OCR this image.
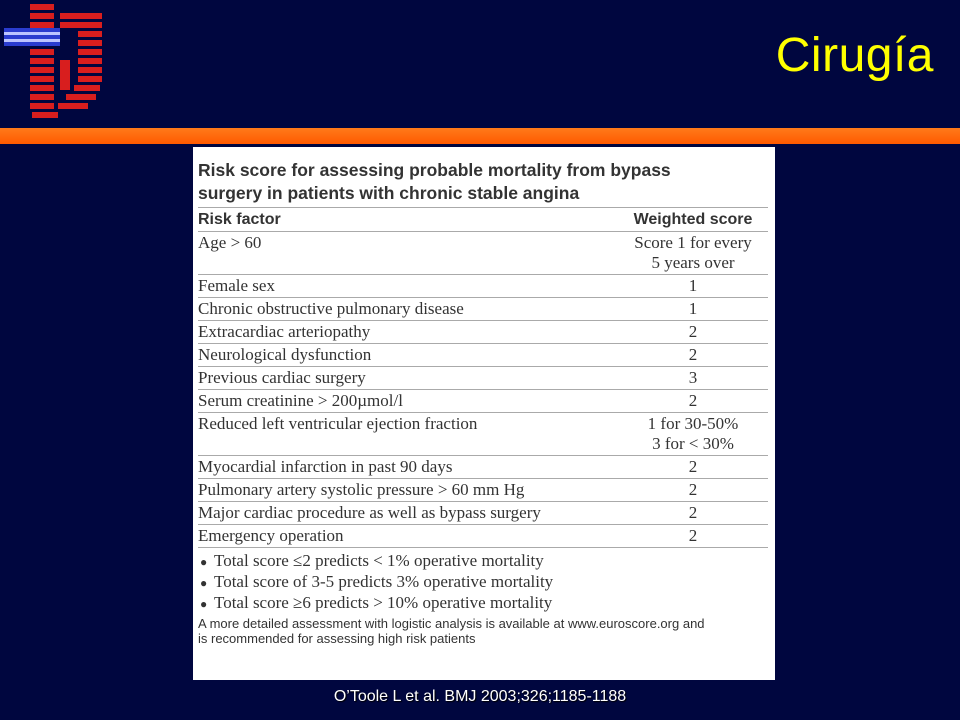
Cirugía
Risk score for assessing probable mortality from bypass
surgery in patients with chronic stable angina
Risk factor	Weighted score
Age > 60	Score 1 for every
5 years over

Female sex	1

Chronic obstructive pulmonary disease	1

Extracardiac arteriopathy	2

Neurological dysfunction	2

Previous cardiac surgery	3

Serum creatinine > 200µmol/l	2

Reduced left ventricular ejection fraction	1 for 30-50%
3 for < 30%

Myocardial infarction in past 90 days	2

Pulmonary artery systolic pressure > 60 mm Hg	2

Major cardiac procedure as well as bypass surgery	2

Emergency operation	2
● Total score ≤2 predicts < 1% operative mortality
● Total score of 3-5 predicts 3% operative mortality
● Total score ≥6 predicts > 10% operative mortality
A more detailed assessment with logistic analysis is available at www.euroscore.org and
is recommended for assessing high risk patients
O’Toole L et al. BMJ 2003;326;1185-1188
